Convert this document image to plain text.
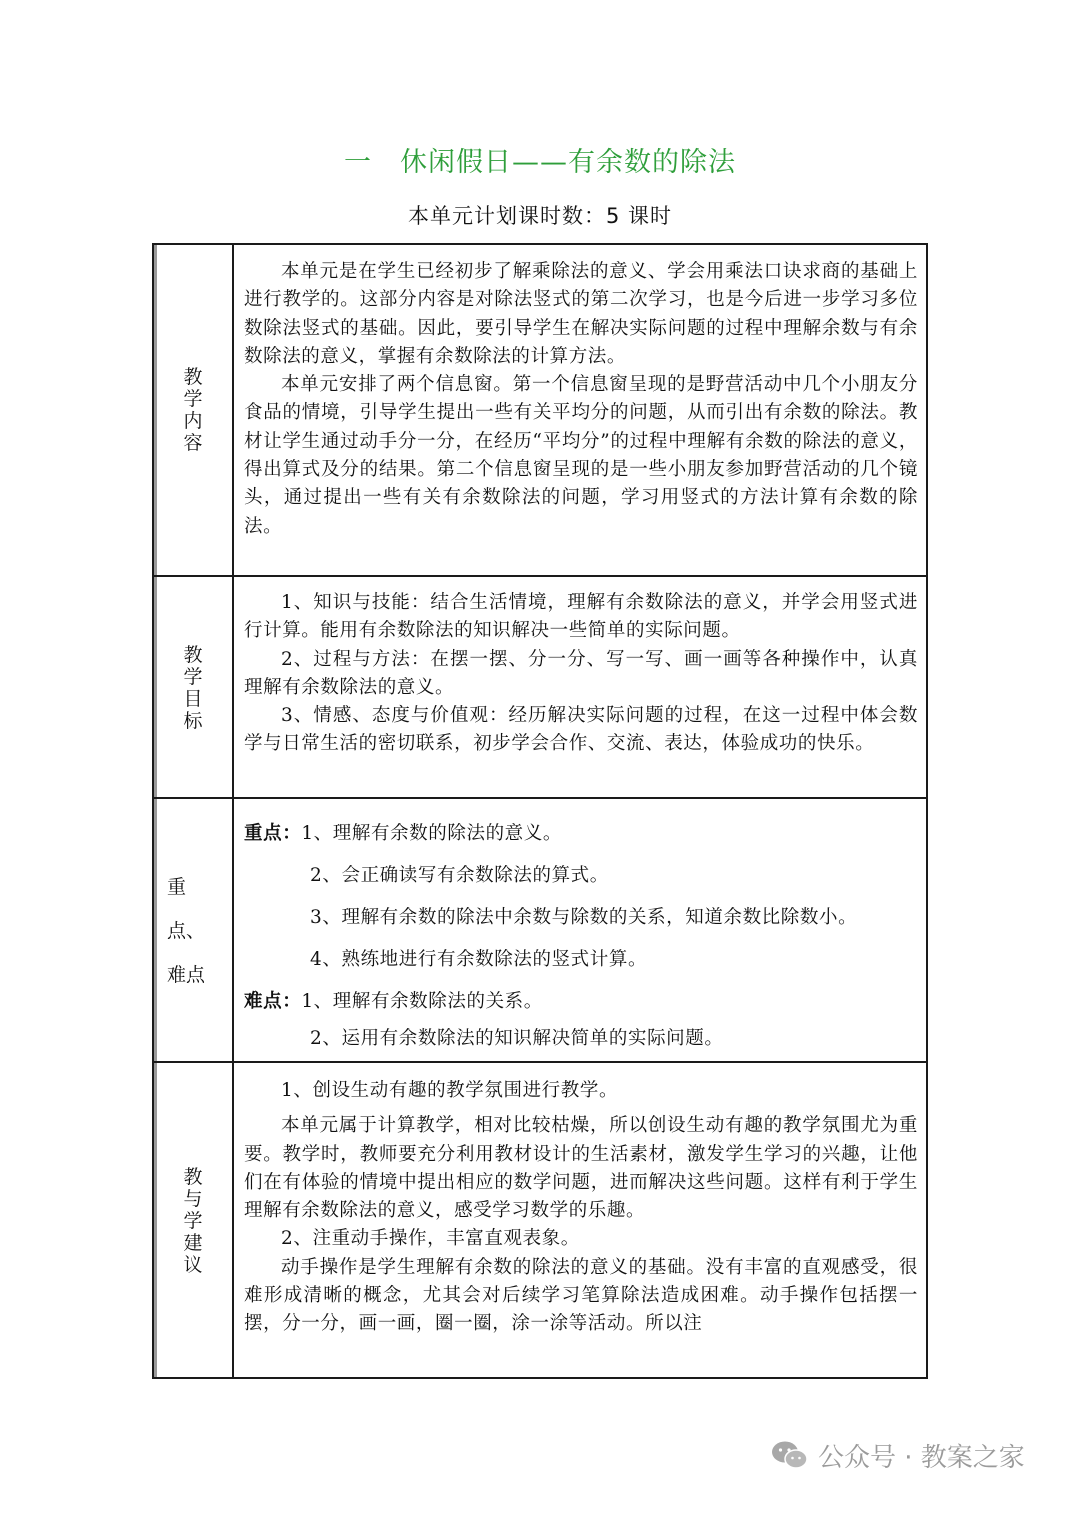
一　休闲假日——有余数的除法
本单元计划课时数：5 课时
教学内容

本单元是在学生已经初步了解乘除法的意义、学会用乘法口诀求商的基础上进行教学的。这部分内容是对除法竖式的第二次学习，也是今后进一步学习多位数除法竖式的基础。因此，要引导学生在解决实际问题的过程中理解余数与有余数除法的意义，掌握有余数除法的计算方法。

本单元安排了两个信息窗。第一个信息窗呈现的是野营活动中几个小朋友分食品的情境，引导学生提出一些有关平均分的问题，从而引出有余数的除法。教材让学生通过动手分一分，在经历“平均分”的过程中理解有余数的除法的意义，得出算式及分的结果。第二个信息窗呈现的是一些小朋友参加野营活动的几个镜头，通过提出一些有关有余数除法的问题，学习用竖式的方法计算有余数的除法。

教学目标

1、知识与技能：结合生活情境，理解有余数除法的意义，并学会用竖式进行计算。能用有余数除法的知识解决一些简单的实际问题。

2、过程与方法：在摆一摆、分一分、写一写、画一画等各种操作中，认真理解有余数除法的意义。

3、情感、态度与价值观：经历解决实际问题的过程，在这一过程中体会数学与日常生活的密切联系，初步学会合作、交流、表达，体验成功的快乐。

重点、
难点
重点：1、理解有余数的除法的意义。
2、会正确读写有余数除法的算式。
3、理解有余数的除法中余数与除数的关系，知道余数比除数小。
4、熟练地进行有余数除法的竖式计算。
难点：1、理解有余数除法的关系。
2、运用有余数除法的知识解决简单的实际问题。
教与学建议

1、创设生动有趣的教学氛围进行教学。

本单元属于计算教学，相对比较枯燥，所以创设生动有趣的教学氛围尤为重要。教学时，教师要充分利用教材设计的生活素材，激发学生学习的兴趣，让他们在有体验的情境中提出相应的数学问题，进而解决这些问题。这样有利于学生理解有余数除法的意义，感受学习数学的乐趣。

2、注重动手操作，丰富直观表象。

动手操作是学生理解有余数的除法的意义的基础。没有丰富的直观感受，很难形成清晰的概念，尤其会对后续学习笔算除法造成困难。动手操作包括摆一摆，分一分，画一画，圈一圈，涂一涂等活动。所以注

公众号 · 教案之家
